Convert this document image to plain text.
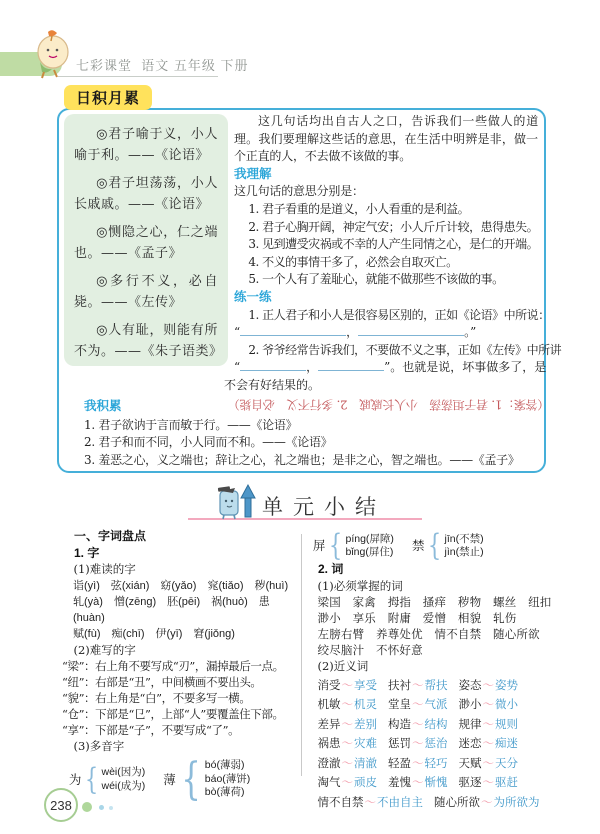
七彩课堂 语文 五年级 下册
日积月累

◎君子喻于义，小人喻于利。——《论语》

◎君子坦荡荡，小人长戚戚。——《论语》

◎恻隐之心，仁之端也。——《孟子》

◎多行不义，必自毙。——《左传》

◎人有耻，则能有所不为。——《朱子语类》

这几句话均出自古人之口，告诉我们一些做人的道理。我们要理解这些话的意思，在生活中明辨是非，做一个正直的人，不去做不该做的事。

我理解

这几句话的意思分别是：

1. 君子看重的是道义，小人看重的是利益。
2. 君子心胸开阔，神定气安；小人斤斤计较，患得患失。
3. 见到遭受灾祸或不幸的人产生同情之心，是仁的开端。
4. 不义的事情干多了，必然会自取灭亡。
5. 一个人有了羞耻心，就能不做那些不该做的事。
练一练
1. 正人君子和小人是很容易区别的，正如《论语》中所说：
“	，	。”
2. 爷爷经常告诉我们，不要做不义之事，正如《左传》中所讲
“	，	”。也就是说，坏事做多了，是
不会有好结果的。
（答案：1. 君子坦荡荡　小人长戚戚　2. 多行不义　必自毙）
我积累
1. 君子欲讷于言而敏于行。——《论语》
2. 君子和而不同，小人同而不和。——《论语》
3. 羞恶之心，义之端也；辞让之心，礼之端也；是非之心，智之端也。——《孟子》
单元小结
一、字词盘点
1. 字
(1)难读的字
诣(yì)　弦(xián)　窈(yǎo)　窕(tiǎo)　秽(huì)
轧(yà)　憎(zēng)　胚(pēi)　祸(huò)　患
(huàn)
赋(fù)　痴(chī)　伊(yī)　窘(jiǒng)
(2)难写的字
“梁”：右上角不要写成“刃”，漏掉最后一点。
“纽”：右部是“丑”，中间横画不要出头。
“貌”：右上角是“白”，不要多写一横。
“仓”：下部是“㔾”，上部“人”要覆盖住下部。
“享”：下部是“子”，不要写成“了”。
(3)多音字
为 { wèi(因为)
wéi(成为) 薄 { bó(薄弱)
báo(薄饼)
bò(薄荷)
屏 { píng(屏障)
bǐng(屏住) 禁 { jīn(不禁)
jìn(禁止)
2. 词
(1)必须掌握的词
梁国　家禽　拇指　搔痒　秽物　螺丝　纽扣
渺小　享乐　附庸　爱憎　相貌　轧伤
左膀右臂　养尊处优　情不自禁　随心所欲
绞尽脑汁　不怀好意
(2)近义词
消受～享受 扶衬～帮扶 姿态～姿势
机敏～机灵 堂皇～气派 渺小～微小
差异～差别 构造～结构 规律～规则
祸患～灾难 惩罚～惩治 迷恋～痴迷
澄澈～清澈 轻盈～轻巧 天赋～天分
淘气～顽皮 羞愧～惭愧 驱逐～驱赶
情不自禁～不由自主 随心所欲～为所欲为
238
